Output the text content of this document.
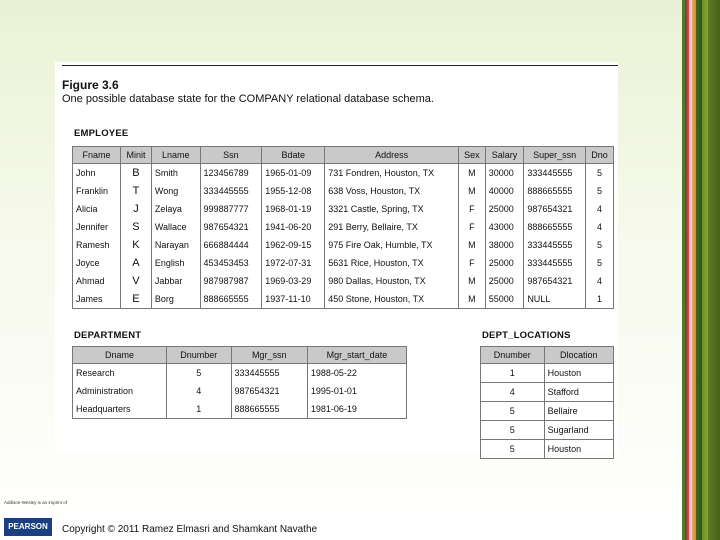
Figure 3.6
One possible database state for the COMPANY relational database schema.
EMPLOYEE
Fname	Minit	Lname	Ssn	Bdate	Address	Sex	Salary	Super_ssn	Dno
John	B	Smith	123456789	1965-01-09	731 Fondren, Houston, TX	M	30000	333445555	5
Franklin	T	Wong	333445555	1955-12-08	638 Voss, Houston, TX	M	40000	888665555	5
Alicia	J	Zelaya	999887777	1968-01-19	3321 Castle, Spring, TX	F	25000	987654321	4
Jennifer	S	Wallace	987654321	1941-06-20	291 Berry, Bellaire, TX	F	43000	888665555	4
Ramesh	K	Narayan	666884444	1962-09-15	975 Fire Oak, Humble, TX	M	38000	333445555	5
Joyce	A	English	453453453	1972-07-31	5631 Rice, Houston, TX	F	25000	333445555	5
Ahmad	V	Jabbar	987987987	1969-03-29	980 Dallas, Houston, TX	M	25000	987654321	4
James	E	Borg	888665555	1937-11-10	450 Stone, Houston, TX	M	55000	NULL	1
DEPARTMENT
Dname	Dnumber	Mgr_ssn	Mgr_start_date
Research	5	333445555	1988-05-22
Administration	4	987654321	1995-01-01
Headquarters	1	888665555	1981-06-19
DEPT_LOCATIONS
Dnumber	Dlocation
1	Houston
4	Stafford
5	Bellaire
5	Sugarland
5	Houston
Addison-Wesley is an imprint of
PEARSON	Copyright © 2011 Ramez Elmasri and Shamkant Navathe
